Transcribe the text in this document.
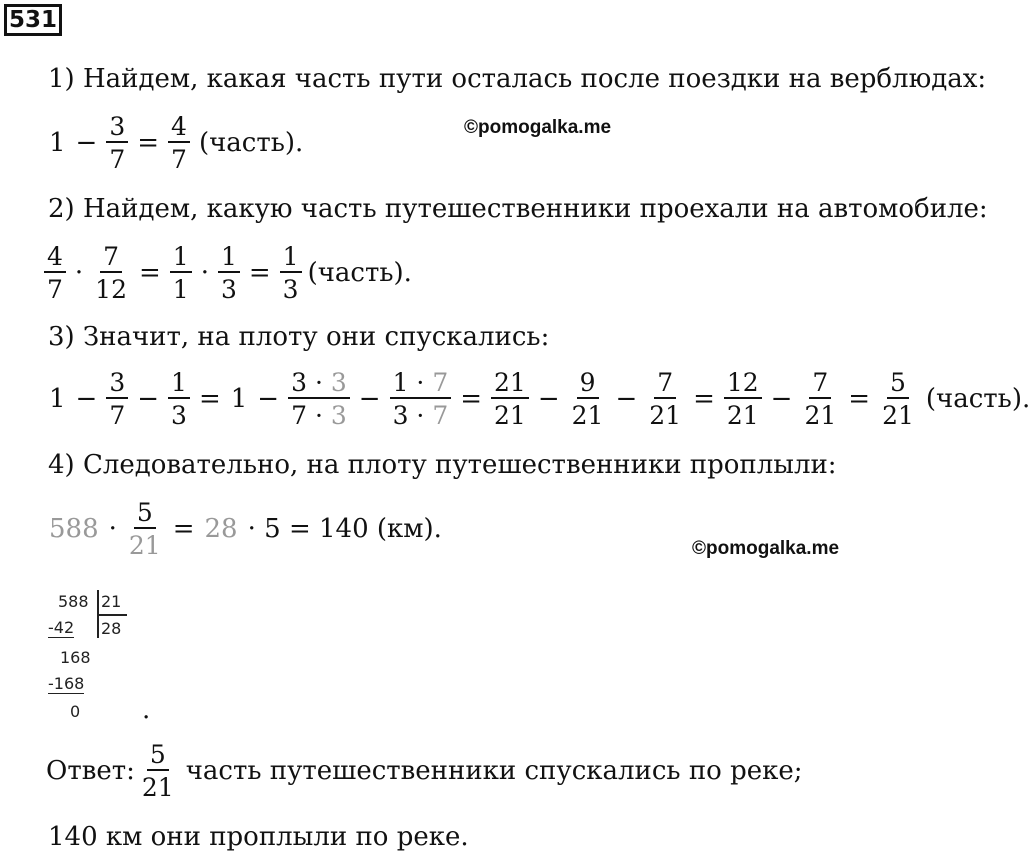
531
1) Найдем, какая часть пути осталась после поездки на верблюдах:
$1 - \frac{3}{7} = \frac{4}{7}$ (часть).
©pomogalka.me
2) Найдем, какую часть путешественники проехали на автомобиле:
$\frac{4}{7} \cdot \frac{7}{12} = \frac{1}{1} \cdot \frac{1}{3} = \frac{1}{3}$ (часть).
3) Значит, на плоту они спускались:
$1 - \frac{3}{7} - \frac{1}{3} = 1 - \frac{3 \cdot 3}{7 \cdot 3} - \frac{1 \cdot 7}{3 \cdot 7} = \frac{21}{21} - \frac{9}{21} - \frac{7}{21} = \frac{12}{21} - \frac{7}{21} = \frac{5}{21}$ (часть).
4) Следовательно, на плоту путешественники проплыли:
$588 \cdot \frac{5}{21} = 28 \cdot 5 = 140$ (км).
©pomogalka.me
588 21
-42 28
168
-168
0 .
Ответ: $\frac{5}{21}$ часть путешественники спускались по реке;
140 км они проплыли по реке.
